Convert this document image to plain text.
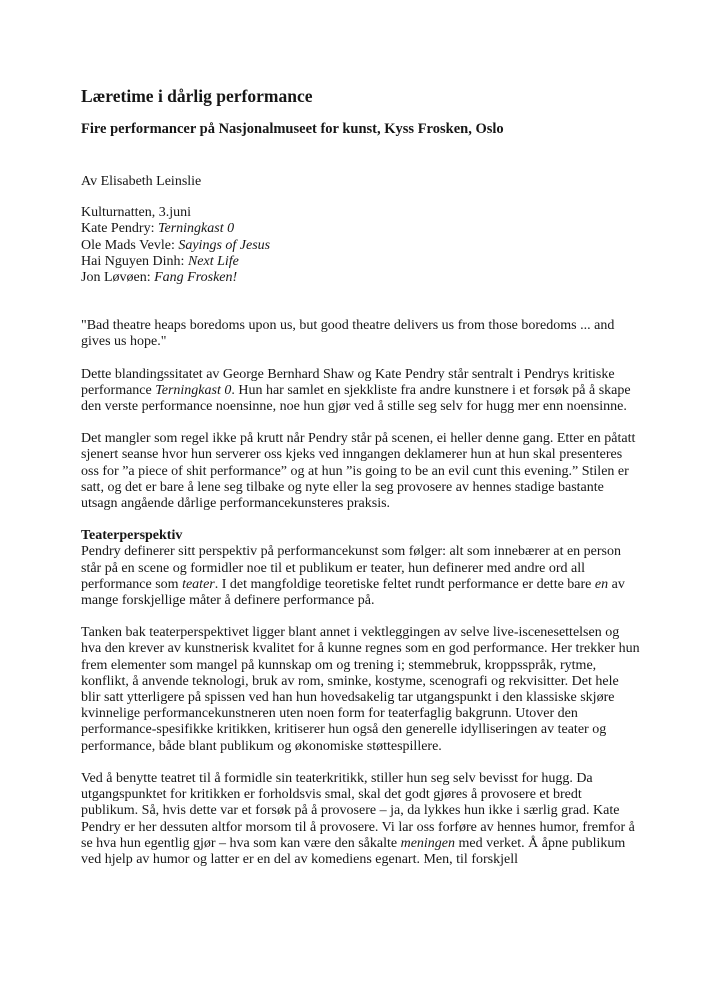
Læretime i dårlig performance
Fire performancer på Nasjonalmuseet for kunst, Kyss Frosken, Oslo

Av Elisabeth Leinslie

Kulturnatten, 3.juni

Kate Pendry: Terningkast 0

Ole Mads Vevle: Sayings of Jesus

Hai Nguyen Dinh: Next Life

Jon Løvøen: Fang Frosken!

"Bad theatre heaps boredoms upon us, but good theatre delivers us from those boredoms ... and gives us hope."

Dette blandingssitatet av George Bernhard Shaw og Kate Pendry står sentralt i Pendrys kritiske performance Terningkast 0. Hun har samlet en sjekkliste fra andre kunstnere i et forsøk på å skape den verste performance noensinne, noe hun gjør ved å stille seg selv for hugg mer enn noensinne.

Det mangler som regel ikke på krutt når Pendry står på scenen, ei heller denne gang. Etter en påtatt sjenert seanse hvor hun serverer oss kjeks ved inngangen deklamerer hun at hun skal presenteres oss for ”a piece of shit performance” og at hun ”is going to be an evil cunt this evening.” Stilen er satt, og det er bare å lene seg tilbake og nyte eller la seg provosere av hennes stadige bastante utsagn angående dårlige performancekunsteres praksis.

Teaterperspektiv

Pendry definerer sitt perspektiv på performancekunst som følger: alt som innebærer at en person står på en scene og formidler noe til et publikum er teater, hun definerer med andre ord all performance som teater. I det mangfoldige teoretiske feltet rundt performance er dette bare en av mange forskjellige måter å definere performance på.

Tanken bak teaterperspektivet ligger blant annet i vektleggingen av selve live-iscenesettelsen og hva den krever av kunstnerisk kvalitet for å kunne regnes som en god performance. Her trekker hun frem elementer som mangel på kunnskap om og trening i; stemmebruk, kroppsspråk, rytme, konflikt, å anvende teknologi, bruk av rom, sminke, kostyme, scenografi og rekvisitter. Det hele blir satt ytterligere på spissen ved han hun hovedsakelig tar utgangspunkt i den klassiske skjøre kvinnelige performancekunstneren uten noen form for teaterfaglig bakgrunn. Utover den performance-spesifikke kritikken, kritiserer hun også den generelle idylliseringen av teater og performance, både blant publikum og økonomiske støttespillere.

Ved å benytte teatret til å formidle sin teaterkritikk, stiller hun seg selv bevisst for hugg. Da utgangspunktet for kritikken er forholdsvis smal, skal det godt gjøres å provosere et bredt publikum. Så, hvis dette var et forsøk på å provosere – ja, da lykkes hun ikke i særlig grad. Kate Pendry er her dessuten altfor morsom til å provosere. Vi lar oss forføre av hennes humor, fremfor å se hva hun egentlig gjør – hva som kan være den såkalte meningen med verket. Å åpne publikum ved hjelp av humor og latter er en del av komediens egenart. Men, til forskjell
